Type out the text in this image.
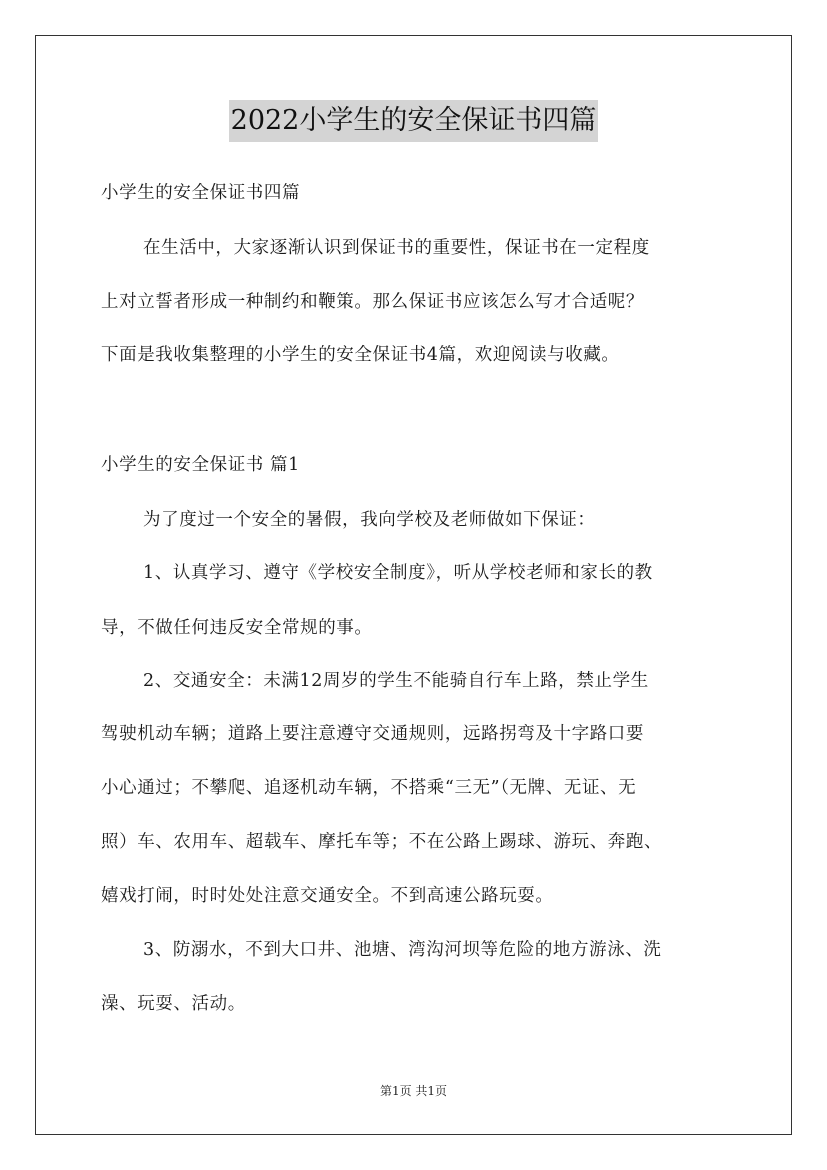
2022小学生的安全保证书四篇
小学生的安全保证书四篇
在生活中，大家逐渐认识到保证书的重要性，保证书在一定程度
上对立誓者形成一种制约和鞭策。那么保证书应该怎么写才合适呢？
下面是我收集整理的小学生的安全保证书4篇，欢迎阅读与收藏。
小学生的安全保证书 篇1
为了度过一个安全的暑假，我向学校及老师做如下保证：
1、认真学习、遵守《学校安全制度》，听从学校老师和家长的教
导，不做任何违反安全常规的事。
2、交通安全：未满12周岁的学生不能骑自行车上路，禁止学生
驾驶机动车辆；道路上要注意遵守交通规则，远路拐弯及十字路口要
小心通过；不攀爬、追逐机动车辆，不搭乘“三无”（无牌、无证、无
照）车、农用车、超载车、摩托车等；不在公路上踢球、游玩、奔跑、
嬉戏打闹，时时处处注意交通安全。不到高速公路玩耍。
3、防溺水，不到大口井、池塘、湾沟河坝等危险的地方游泳、洗
澡、玩耍、活动。
第1页 共1页
